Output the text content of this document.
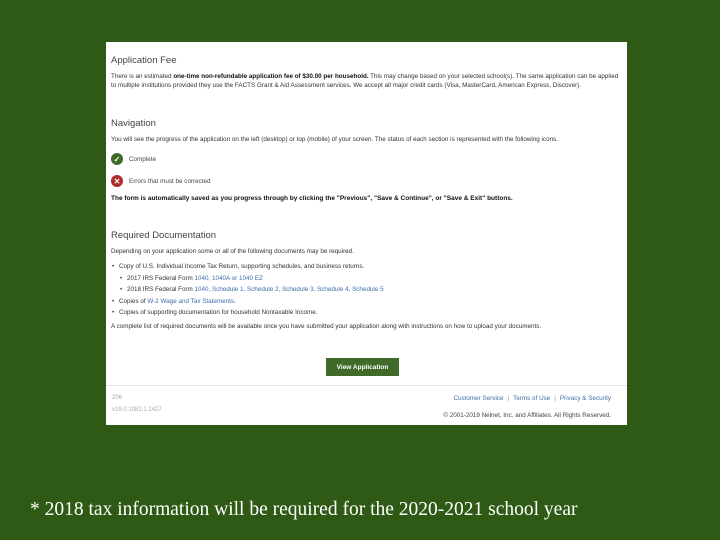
Application Fee
There is an estimated one-time non-refundable application fee of $30.00 per household. This may change based on your selected school(s). The same application can be applied to multiple institutions provided they use the FACTS Grant & Aid Assessment services. We accept all major credit cards (Visa, MasterCard, American Express, Discover).
Navigation
You will see the progress of the application on the left (desktop) or top (mobile) of your screen. The status of each section is represented with the following icons.
✓	Complete
✕	Errors that must be corrected
The form is automatically saved as you progress through by clicking the "Previous", "Save & Continue", or "Save & Exit" buttons.
Required Documentation
Depending on your application some or all of the following documents may be required.
• Copy of U.S. Individual Income Tax Return, supporting schedules, and business returns.
• 2017 IRS Federal Form 1040, 1040A or 1040 EZ
• 2018 IRS Federal Form 1040, Schedule 1, Schedule 2, Schedule 3, Schedule 4, Schedule 5
• Copies of W-2 Wage and Tax Statements.
• Copies of supporting documentation for household Nontaxable Income.
A complete list of required documents will be available once you have submitted your application along with instructions on how to upload your documents.
View Application
206
v19.0.1081.1.1427
Customer Service | Terms of Use | Privacy & Security
© 2001-2019 Nelnet, Inc. and Affiliates. All Rights Reserved.
* 2018 tax information will be required for the 2020-2021 school year
